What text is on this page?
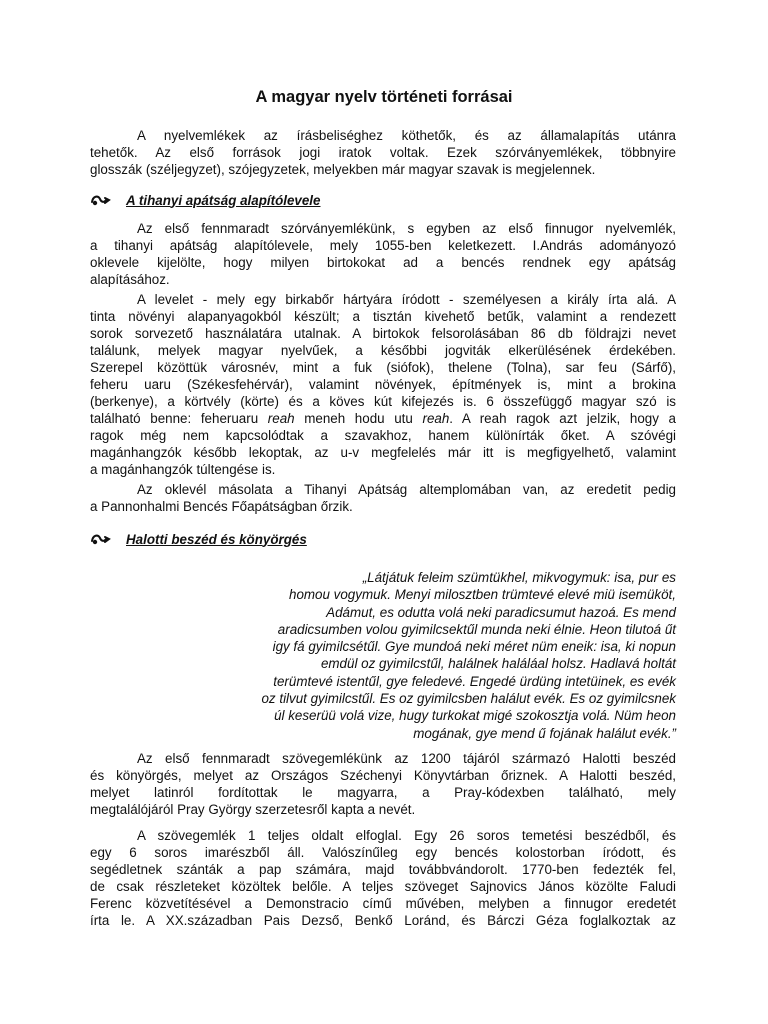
A magyar nyelv történeti forrásai
A nyelvemlékek az írásbeliséghez köthetők, és az államalapítás utánra
tehetők. Az első források jogi iratok voltak. Ezek szórványemlékek, többnyire
glosszák (széljegyzet), szójegyzetek, melyekben már magyar szavak is megjelennek.
A tihanyi apátság alapítólevele
Az első fennmaradt szórványemlékünk, s egyben az első finnugor nyelvemlék,
a tihanyi apátság alapítólevele, mely 1055-ben keletkezett. I.András adományozó
oklevele kijelölte, hogy milyen birtokokat ad a bencés rendnek egy apátság
alapításához.
A levelet - mely egy birkabőr hártyára íródott - személyesen a király írta alá. A
tinta növényi alapanyagokból készült; a tisztán kivehető betűk, valamint a rendezett
sorok sorvezető használatára utalnak. A birtokok felsorolásában 86 db földrajzi nevet
találunk, melyek magyar nyelvűek, a későbbi jogviták elkerülésének érdekében.
Szerepel közöttük városnév, mint a fuk (siófok), thelene (Tolna), sar feu (Sárfő),
feheru uaru (Székesfehérvár), valamint növények, építmények is, mint a brokina
(berkenye), a körtvély (körte) és a köves kút kifejezés is. 6 összefüggő magyar szó is
található benne: feheruaru reah meneh hodu utu reah. A reah ragok azt jelzik, hogy a
ragok még nem kapcsolódtak a szavakhoz, hanem különírták őket. A szóvégi
magánhangzók később lekoptak, az u-v megfelelés már itt is megfigyelhető, valamint
a magánhangzók túltengése is.
Az oklevél másolata a Tihanyi Apátság altemplomában van, az eredetit pedig
a Pannonhalmi Bencés Főapátságban őrzik.
Halotti beszéd és könyörgés
„Látjátuk feleim szümtükhel, mikvogymuk: isa, pur es
homou vogymuk. Menyi milosztben trümtevé elevé miü isemüköt,
Adámut, es odutta volá neki paradicsumut hazoá. Es mend
aradicsumben volou gyimilcsektűl munda neki élnie. Heon tilutoá űt
igy fá gyimilcsétűl. Gye mundoá neki méret nüm eneik: isa, ki nopun
emdül oz gyimilcstűl, halálnek haláláal holsz. Hadlavá holtát
terümtevé istentűl, gye feledevé. Engedé ürdüng intetüinek, es evék
oz tilvut gyimilcstűl. Es oz gyimilcsben halálut evék. Es oz gyimilcsnek
úl keserüü volá vize, hugy turkokat migé szokosztja volá. Nüm heon
mogának, gye mend ű fojának halálut evék.”
Az első fennmaradt szövegemlékünk az 1200 tájáról származó Halotti beszéd
és könyörgés, melyet az Országos Széchenyi Könyvtárban őriznek. A Halotti beszéd,
melyet latinról fordítottak le magyarra, a Pray-kódexben található, mely
megtalálójáról Pray György szerzetesről kapta a nevét.
A szövegemlék 1 teljes oldalt elfoglal. Egy 26 soros temetési beszédből, és
egy 6 soros imarészből áll. Valószínűleg egy bencés kolostorban íródott, és
segédletnek szánták a pap számára, majd továbbvándorolt. 1770-ben fedezték fel,
de csak részleteket közöltek belőle. A teljes szöveget Sajnovics János közölte Faludi
Ferenc közvetítésével a Demonstracio című művében, melyben a finnugor eredetét
írta le. A XX.században Pais Dezső, Benkő Loránd, és Bárczi Géza foglalkoztak az
